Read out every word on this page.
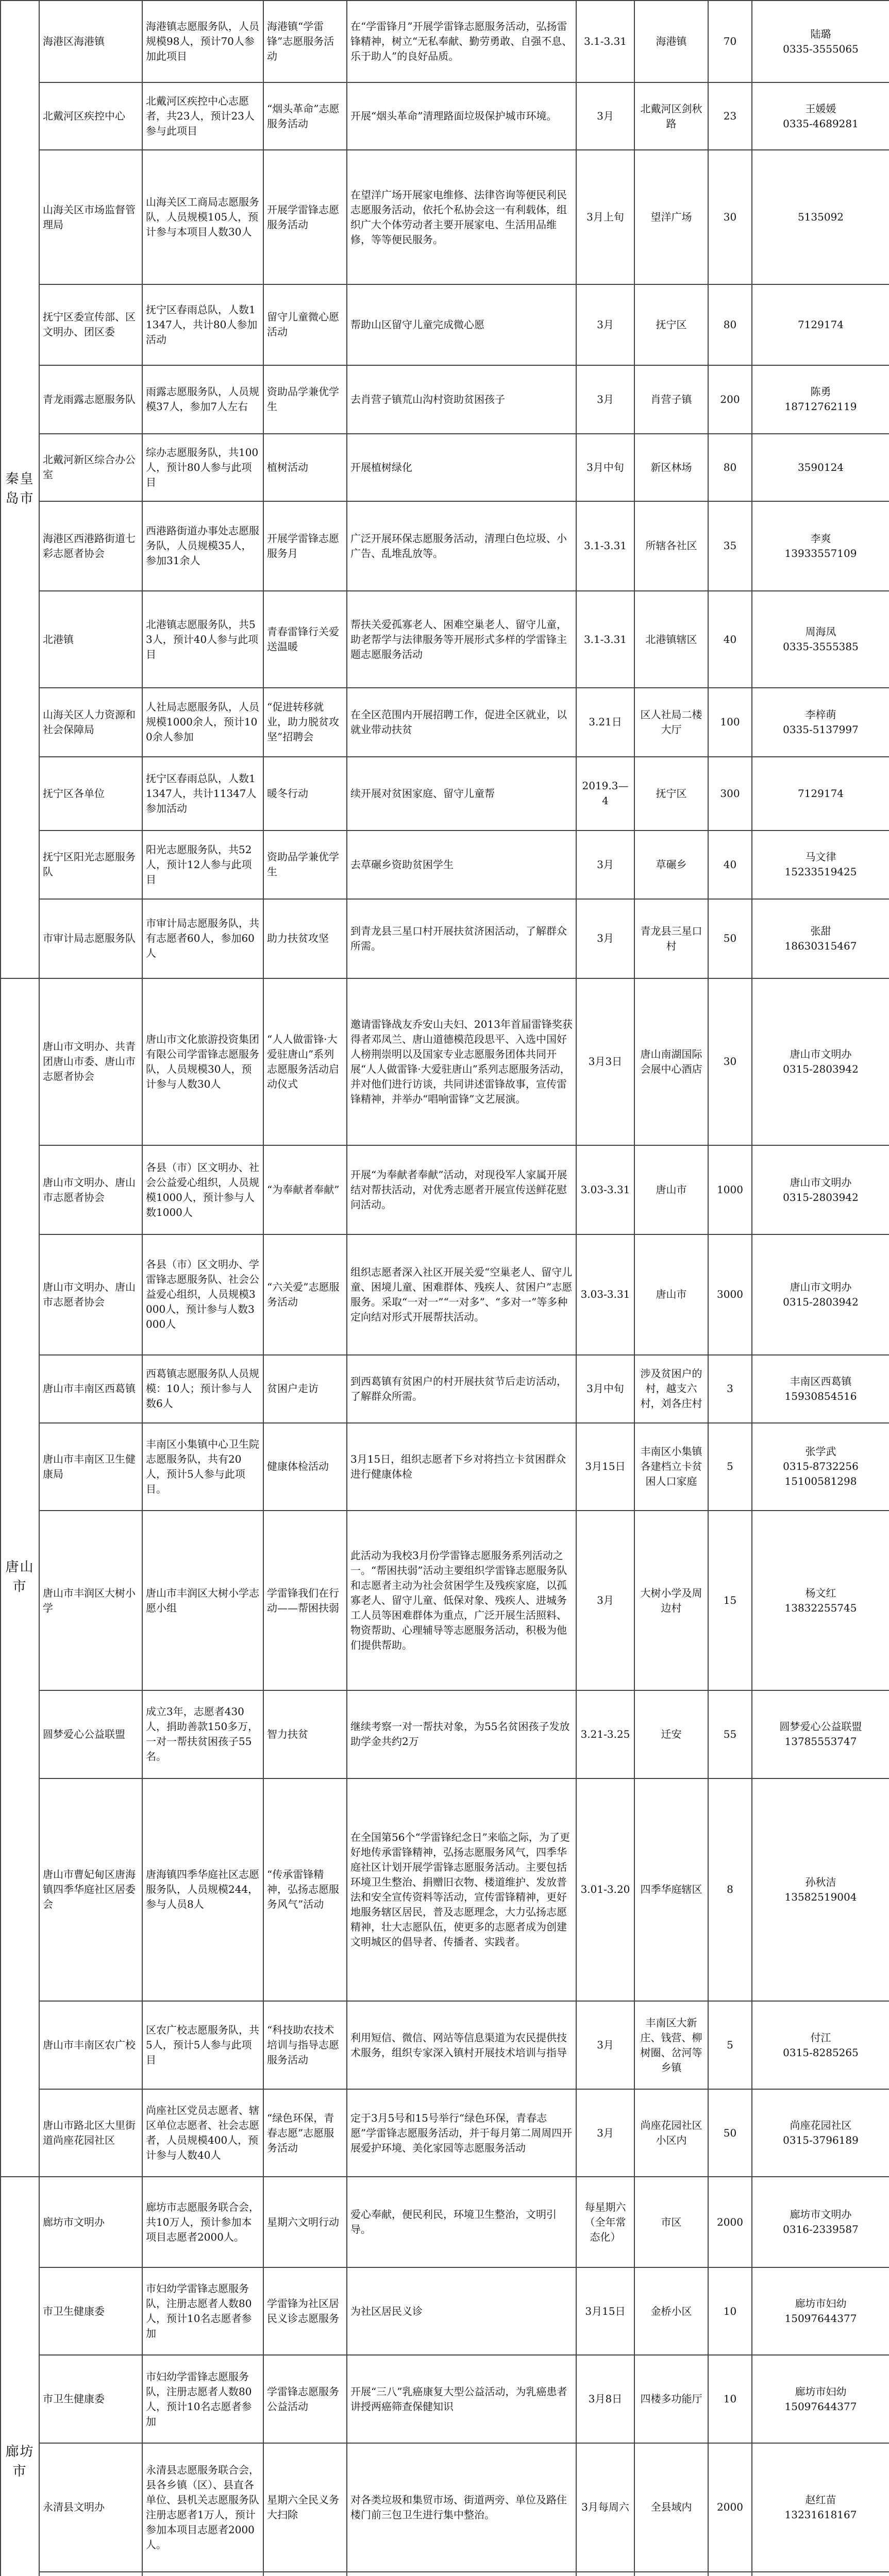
秦皇岛市	海港区海港镇	海港镇志愿服务队，人员规模98人，预计70人参加此项目	海港镇“学雷锋”志愿服务活动	在“学雷锋月”开展学雷锋志愿服务活动，弘扬雷锋精神，树立“无私奉献、勤劳勇敢、自强不息、乐于助人”的良好品质。	3.1-3.31	海港镇	70	陆璐
0335-3555065
	北戴河区疾控中心	北戴河区疾控中心志愿者，共23人，预计23人参与此项目	“烟头革命”志愿服务活动	开展“烟头革命”清理路面垃圾保护城市环境。	3月	北戴河区剑秋路	23	王媛媛
0335-4689281
	山海关区市场监督管理局	山海关区工商局志愿服务队，人员规模105人，预计参与本项目人数30人	开展学雷锋志愿服务活动	在望洋广场开展家电维修、法律咨询等便民利民志愿服务活动，依托个私协会这一有利载体，组织广大个体劳动者主要开展家电、生活用品维修，等等便民服务。	3月上旬	望洋广场	30	5135092
	抚宁区委宣传部、区文明办、团区委	抚宁区春雨总队，人数11347人，共计80人参加活动	留守儿童微心愿活动	帮助山区留守儿童完成微心愿	3月	抚宁区	80	7129174
	青龙雨露志愿服务队	雨露志愿服务队，人员规模37人，参加7人左右	资助品学兼优学生	去肖营子镇荒山沟村资助贫困孩子	3月	肖营子镇	200	陈勇
18712762119
	北戴河新区综合办公室	综办志愿服务队，共100人，预计80人参与此项目	植树活动	开展植树绿化	3月中旬	新区林场	80	3590124
	海港区西港路街道七彩志愿者协会	西港路街道办事处志愿服务队，人员规模35人，参加31余人	开展学雷锋志愿服务月	广泛开展环保志愿服务活动，清理白色垃圾、小广告、乱堆乱放等。	3.1-3.31	所辖各社区	35	李爽
13933557109
	北港镇	北港镇志愿服务队，共53人，预计40人参与此项目	青春雷锋行关爱送温暖	帮扶关爱孤寡老人、困难空巢老人、留守儿童，助老帮学与法律服务等开展形式多样的学雷锋主题志愿服务活动	3.1-3.31	北港镇辖区	40	周海凤
0335-3555385
	山海关区人力资源和社会保障局	人社局志愿服务队，人员规模1000余人，预计100余人参加	“促进转移就业，助力脱贫攻坚”招聘会	在全区范围内开展招聘工作，促进全区就业，以就业带动扶贫	3.21日	区人社局二楼大厅	100	李梓萌
0335-5137997
	抚宁区各单位	抚宁区春雨总队，人数11347人，共计11347人参加活动	暖冬行动	续开展对贫困家庭、留守儿童帮	2019.3—4	抚宁区	300	7129174
	抚宁区阳光志愿服务队	阳光志愿服务队，共52人，预计12人参与此项目	资助品学兼优学生	去草碾乡资助贫困学生	3月	草碾乡	40	马文律
15233519425
	市审计局志愿服务队	市审计局志愿服务队，共有志愿者60人，参加60人	助力扶贫攻坚	到青龙县三星口村开展扶贫济困活动，了解群众所需。	3月	青龙县三星口村	50	张甜
18630315467
唐山市	唐山市文明办、共青团唐山市委、唐山市志愿者协会	唐山市文化旅游投资集团有限公司学雷锋志愿服务队，人员规模30人，预计参与人数30人	“人人做雷锋·大爱驻唐山”系列志愿服务活动启动仪式	邀请雷锋战友乔安山夫妇、2013年首届雷锋奖获得者邓凤兰、唐山道德模范段思平、入选中国好人榜荆崇明以及国家专业志愿服务团体共同开展“人人做雷锋·大爱驻唐山”系列志愿服务活动，并对他们进行访谈，共同讲述雷锋故事，宣传雷锋精神，并举办“唱响雷锋”文艺展演。	3月3日	唐山南湖国际会展中心酒店	30	唐山市文明办
0315-2803942
	唐山市文明办、唐山市志愿者协会	各县（市）区文明办、社会公益爱心组织，人员规模1000人，预计参与人数1000人	“为奉献者奉献”	开展“为奉献者奉献”活动，对现役军人家属开展结对帮扶活动，对优秀志愿者开展宣传送鲜花慰问活动。	3.03-3.31	唐山市	1000	唐山市文明办
0315-2803942
	唐山市文明办、唐山市志愿者协会	各县（市）区文明办、学雷锋志愿服务队、社会公益爱心组织，人员规模3000人，预计参与人数3000人	“六关爱”志愿服务活动	组织志愿者深入社区开展关爱“空巢老人、留守儿童、困境儿童、困难群体、残疾人、贫困户”志愿服务。采取“一对一”“一对多”、“多对一”等多种定向结对形式开展帮扶活动。	3.03-3.31	唐山市	3000	唐山市文明办
0315-2803942
	唐山市丰南区西葛镇	西葛镇志愿服务队人员规模：10人；预计参与人数6人	贫困户走访	到西葛镇有贫困户的村开展扶贫节后走访活动，了解群众所需。	3月中旬	涉及贫困户的村，越支六村，刘各庄村	3	丰南区西葛镇
15930854516
	唐山市丰南区卫生健康局	丰南区小集镇中心卫生院志愿服务队，共有20人，预计5人参与此项目。	健康体检活动	3月15日，组织志愿者下乡对将挡立卡贫困群众进行健康体检	3月15日	丰南区小集镇各建档立卡贫困人口家庭	5	张学武
0315-8732256
15100581298
	唐山市丰润区大树小学	唐山市丰润区大树小学志愿小组	学雷锋我们在行动——帮困扶弱	此活动为我校3月份学雷锋志愿服务系列活动之一。“帮困扶弱”活动主要组织学雷锋志愿服务队和志愿者主动为社会贫困学生及残疾家庭，以孤寡老人、留守儿童、低保对象、残疾人、进城务工人员等困难群体为重点，广泛开展生活照料、物资帮助、心理辅导等志愿服务活动，积极为他们提供帮助。	3月	大树小学及周边村	15	杨文红
13832255745
	圆梦爱心公益联盟	成立3年，志愿者430人，捐助善款150多万，一对一帮扶贫困孩子55名。	智力扶贫	继续考察一对一帮扶对象，为55名贫困孩子发放助学金共约2万	3.21-3.25	迁安	55	圆梦爱心公益联盟
13785553747
	唐山市曹妃甸区唐海镇四季华庭社区居委会	唐海镇四季华庭社区志愿服务队，人员规模244，参与人员8人	“传承雷锋精神，弘扬志愿服务风气”活动	在全国第56个“学雷锋纪念日”来临之际，为了更好地传承雷锋精神，弘扬志愿服务风气，四季华庭社区计划开展学雷锋志愿服务活动。主要包括环境卫生整治、捐赠旧衣物、楼道维护、发放普法和安全宣传资料等活动，宣传雷锋精神，更好地服务辖区居民，普及志愿理念，大力弘扬志愿精神，壮大志愿队伍，使更多的志愿者成为创建文明城区的倡导者、传播者、实践者。	3.01-3.20	四季华庭辖区	8	孙秋洁
13582519004
	唐山市丰南区农广校	区农广校志愿服务队，共5人，预计5人参与此项目	“科技助农技术培训与指导志愿服务活动	利用短信、微信、网站等信息渠道为农民提供技术服务，组织专家深入镇村开展技术培训与指导	3月	丰南区大新庄、钱营、柳树圈、岔河等乡镇	5	付江
0315-8285265
	唐山市路北区大里街道尚座花园社区	尚座社区党员志愿者、辖区单位志愿者、社会志愿者，人员规模400人，预计参与人数40人	“绿色环保，青春志愿”志愿服务活动	定于3月5号和15号举行“绿色环保，青春志愿”学雷锋志愿服务活动，并于每月第二周周四开展爱护环境、美化家园等志愿服务活动	3月	尚座花园社区小区内	50	尚座花园社区
0315-3796189
廊坊市	廊坊市文明办	廊坊市志愿服务联合会，共10万人，预计参加本项目志愿者2000人。	星期六文明行动	爱心奉献，便民利民，环境卫生整治，文明引导。	每星期六（全年常态化）	市区	2000	廊坊市文明办
0316-2339587
	市卫生健康委	市妇幼学雷锋志愿服务队，注册志愿者人数80人，预计10名志愿者参加	学雷锋为社区居民义诊志愿服务	为社区居民义诊	3月15日	金桥小区	10	廊坊市妇幼
15097644377
	市卫生健康委	市妇幼学雷锋志愿服务队，注册志愿者人数80人，预计10名志愿者参加	学雷锋志愿服务公益活动	开展“三八”乳癌康复大型公益活动，为乳癌患者讲授两癌筛查保健知识	3月8日	四楼多功能厅	10	廊坊市妇幼
15097644377
	永清县文明办	永清县志愿服务联合会，县各乡镇（区）、县直各单位、县机关志愿服务队注册志愿者1万人，预计参加本项目志愿者2000人。	星期六全民义务大扫除	对各类垃圾和集贸市场、街道两旁、单位及路住楼门前三包卫生进行集中整治。	3月每周六	全县域内	2000	赵红苗
13231618167
